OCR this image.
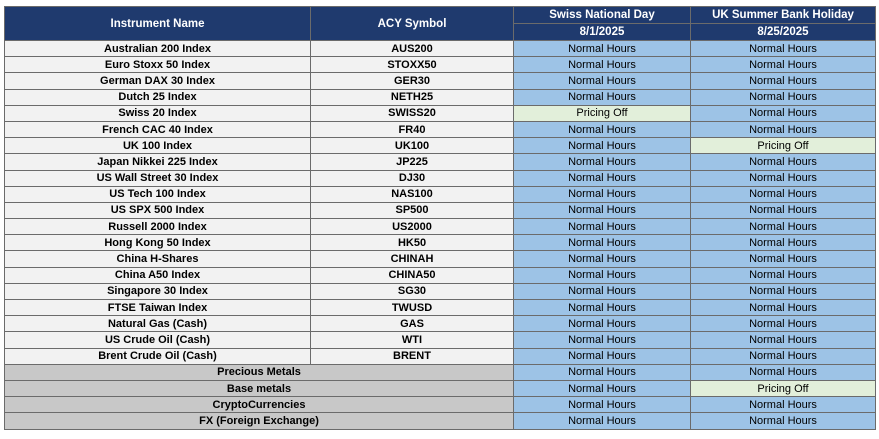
Instrument Name	ACY Symbol	Swiss National Day	UK Summer Bank Holiday
		8/1/2025	8/25/2025
Australian 200 Index	AUS200	Normal Hours	Normal Hours
Euro Stoxx 50 Index	STOXX50	Normal Hours	Normal Hours
German DAX 30 Index	GER30	Normal Hours	Normal Hours
Dutch 25 Index	NETH25	Normal Hours	Normal Hours
Swiss 20 Index	SWISS20	Pricing Off	Normal Hours
French CAC 40 Index	FR40	Normal Hours	Normal Hours
UK 100 Index	UK100	Normal Hours	Pricing Off
Japan Nikkei 225 Index	JP225	Normal Hours	Normal Hours
US Wall Street 30 Index	DJ30	Normal Hours	Normal Hours
US Tech 100 Index	NAS100	Normal Hours	Normal Hours
US SPX 500 Index	SP500	Normal Hours	Normal Hours
Russell 2000 Index	US2000	Normal Hours	Normal Hours
Hong Kong 50 Index	HK50	Normal Hours	Normal Hours
China H-Shares	CHINAH	Normal Hours	Normal Hours
China A50 Index	CHINA50	Normal Hours	Normal Hours
Singapore 30 Index	SG30	Normal Hours	Normal Hours
FTSE Taiwan Index	TWUSD	Normal Hours	Normal Hours
Natural Gas (Cash)	GAS	Normal Hours	Normal Hours
US Crude Oil (Cash)	WTI	Normal Hours	Normal Hours
Brent Crude Oil (Cash)	BRENT	Normal Hours	Normal Hours
Precious Metals		Normal Hours	Normal Hours
Base metals		Normal Hours	Pricing Off
CryptoCurrencies		Normal Hours	Normal Hours
FX (Foreign Exchange)		Normal Hours	Normal Hours
